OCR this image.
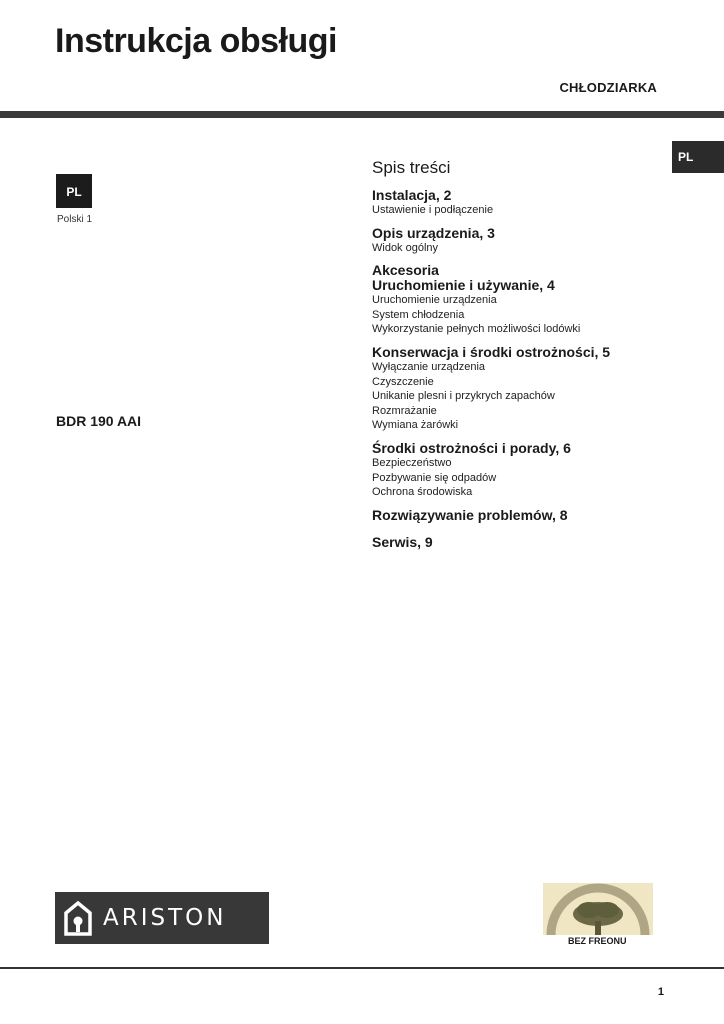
Instrukcja obsługi
CHŁODZIARKA
PL
PL
Polski 1
BDR 190 AAI
Spis treści
Instalacja, 2
Ustawienie i podłączenie
Opis urządzenia, 3
Widok ogólny
Akcesoria
Uruchomienie i używanie, 4
Uruchomienie urządzenia
System chłodzenia
Wykorzystanie pełnych możliwości lodówki
Konserwacja i środki ostrożności, 5
Wyłączanie urządzenia
Czyszczenie
Unikanie plesni i przykrych zapachów
Rozmrażanie
Wymiana żarówki
Środki ostrożności i porady, 6
Bezpieczeństwo
Pozbywanie się odpadów
Ochrona środowiska
Rozwiązywanie problemów, 8
Serwis, 9
ARISTON
BEZ FREONU
1
